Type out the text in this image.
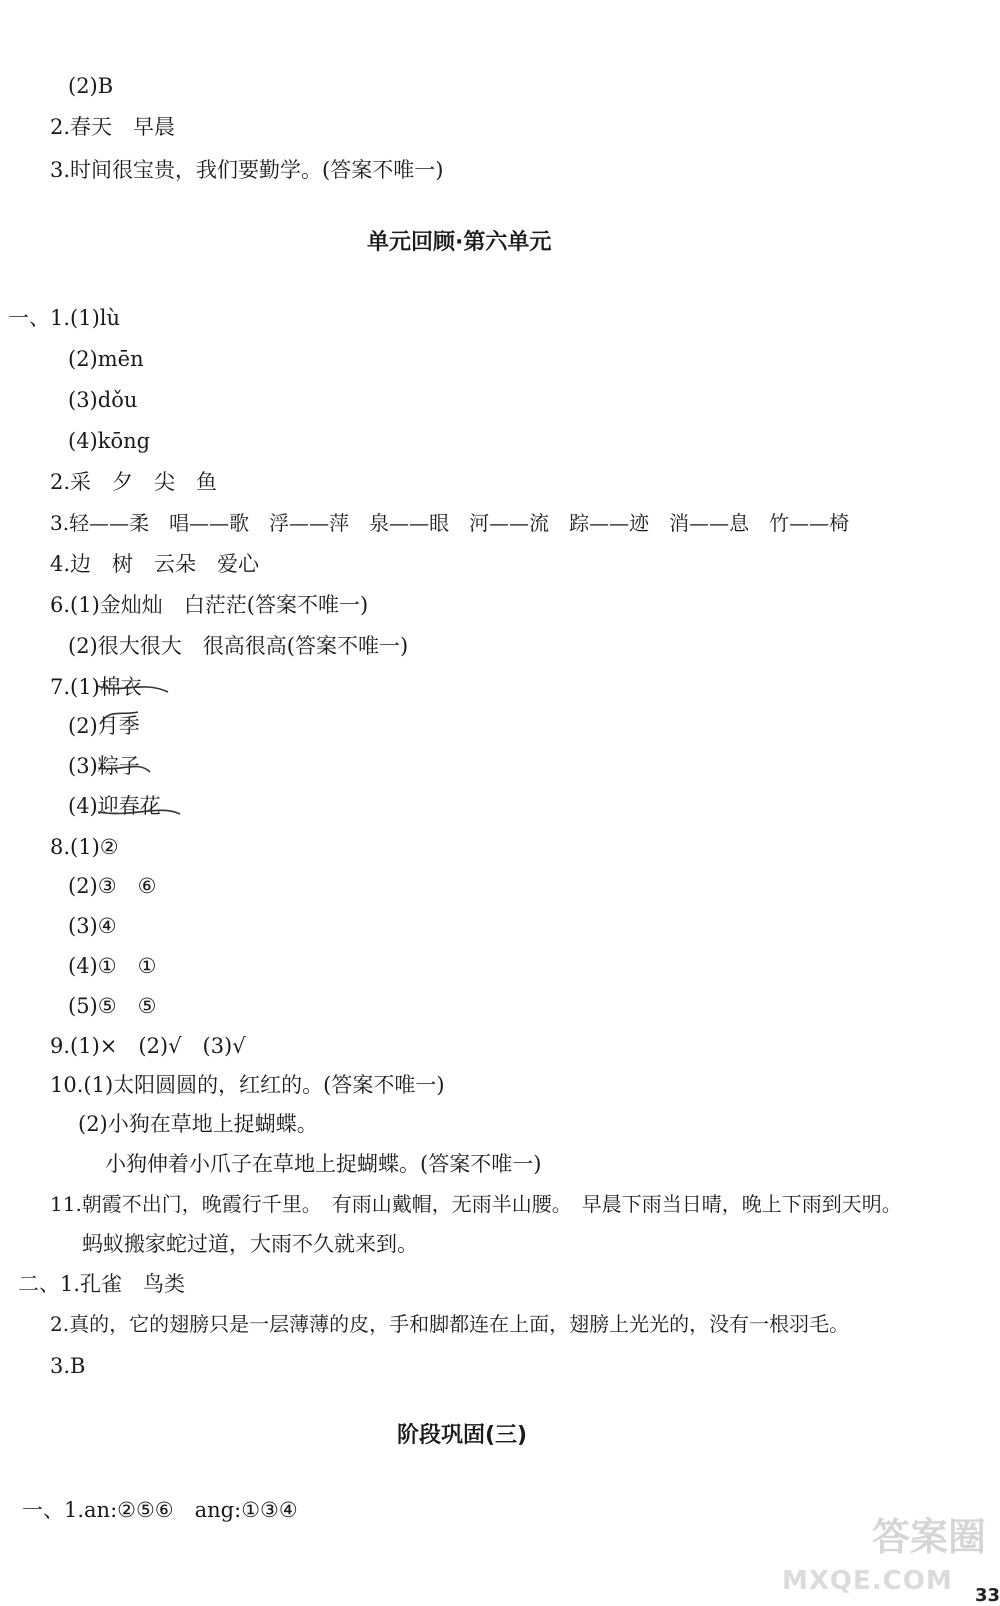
(2)B
2.春天　早晨
3.时间很宝贵，我们要勤学。(答案不唯一)
单元回顾·第六单元
一、1.(1)lù
(2)mēn
(3)dǒu
(4)kōng
2.采　夕　尖　鱼
3.轻——柔　唱——歌　浮——萍　泉——眼　河——流　踪——迹　消——息　竹——椅
4.边　树　云朵　爱心
6.(1)金灿灿　白茫茫(答案不唯一)
(2)很大很大　很高很高(答案不唯一)
7.(1)棉衣
(2)月季
(3)粽子
(4)迎春花
8.(1)②
(2)③　⑥
(3)④
(4)①　①
(5)⑤　⑤
9.(1)×　(2)√　(3)√
10.(1)太阳圆圆的，红红的。(答案不唯一)
(2)小狗在草地上捉蝴蝶。
小狗伸着小爪子在草地上捉蝴蝶。(答案不唯一)
11.朝霞不出门，晚霞行千里。　有雨山戴帽，无雨半山腰。　早晨下雨当日晴，晚上下雨到天明。
蚂蚁搬家蛇过道，大雨不久就来到。
二、1.孔雀　鸟类
2.真的，它的翅膀只是一层薄薄的皮，手和脚都连在上面，翅膀上光光的，没有一根羽毛。
3.B
阶段巩固(三)
一、1.an:②⑤⑥　ang:①③④
答案圈
MXQE.COM 33
